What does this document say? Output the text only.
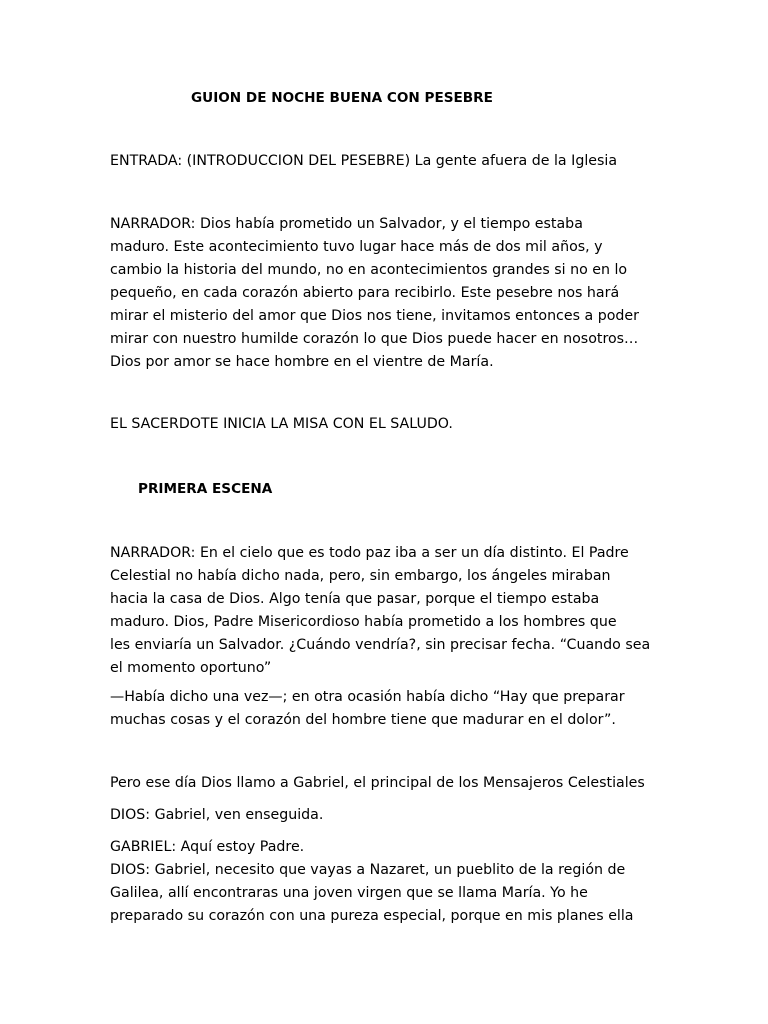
GUION DE NOCHE BUENA CON PESEBRE
ENTRADA: (INTRODUCCION DEL PESEBRE) La gente afuera de la Iglesia
NARRADOR: Dios había prometido un Salvador, y el tiempo estaba
maduro. Este acontecimiento tuvo lugar hace más de dos mil años, y
cambio la historia del mundo, no en acontecimientos grandes si no en lo
pequeño, en cada corazón abierto para recibirlo. Este pesebre nos hará
mirar el misterio del amor que Dios nos tiene, invitamos entonces a poder
mirar con nuestro humilde corazón lo que Dios puede hacer en nosotros…
Dios por amor se hace hombre en el vientre de María.
EL SACERDOTE INICIA LA MISA CON EL SALUDO.
PRIMERA ESCENA
NARRADOR: En el cielo que es todo paz iba a ser un día distinto. El Padre
Celestial no había dicho nada, pero, sin embargo, los ángeles miraban
hacia la casa de Dios. Algo tenía que pasar, porque el tiempo estaba
maduro. Dios, Padre Misericordioso había prometido a los hombres que
les enviaría un Salvador. ¿Cuándo vendría?, sin precisar fecha. “Cuando sea
el momento oportuno”
—Había dicho una vez—; en otra ocasión había dicho “Hay que preparar
muchas cosas y el corazón del hombre tiene que madurar en el dolor”.
Pero ese día Dios llamo a Gabriel, el principal de los Mensajeros Celestiales
DIOS: Gabriel, ven enseguida.
GABRIEL: Aquí estoy Padre.
DIOS: Gabriel, necesito que vayas a Nazaret, un pueblito de la región de
Galilea, allí encontraras una joven virgen que se llama María. Yo he
preparado su corazón con una pureza especial, porque en mis planes ella
